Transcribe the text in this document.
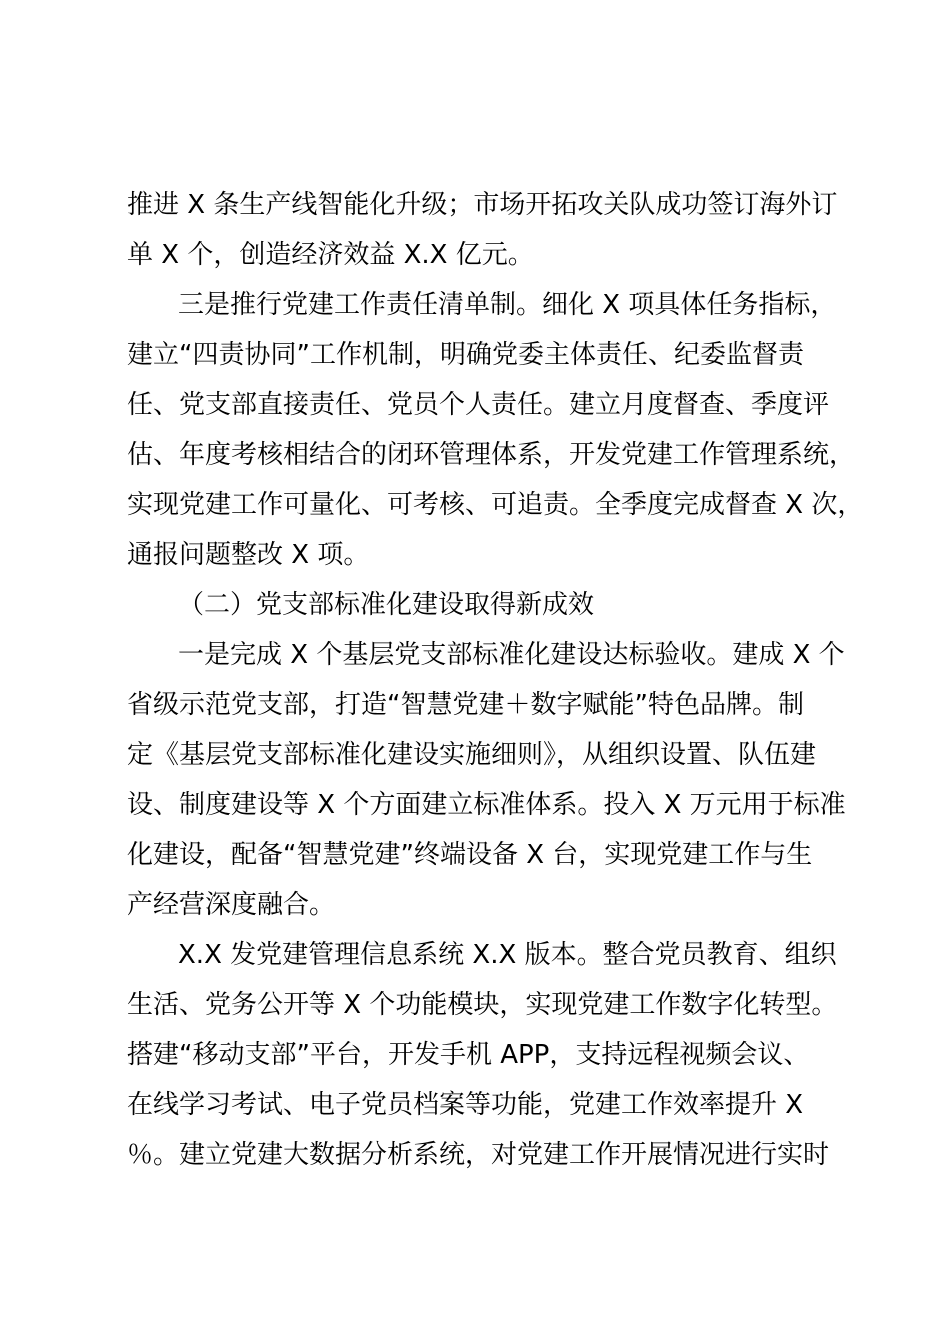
推进 X 条生产线智能化升级；市场开拓攻关队成功签订海外订
单 X 个，创造经济效益 X.X 亿元。
三是推行党建工作责任清单制。细化 X 项具体任务指标，
建立“四责协同”工作机制，明确党委主体责任、纪委监督责
任、党支部直接责任、党员个人责任。建立月度督查、季度评
估、年度考核相结合的闭环管理体系，开发党建工作管理系统，
实现党建工作可量化、可考核、可追责。全季度完成督查 X 次，
通报问题整改 X 项。
（二）党支部标准化建设取得新成效
一是完成 X 个基层党支部标准化建设达标验收。建成 X 个
省级示范党支部，打造“智慧党建＋数字赋能”特色品牌。制
定《基层党支部标准化建设实施细则》，从组织设置、队伍建
设、制度建设等 X 个方面建立标准体系。投入 X 万元用于标准
化建设，配备“智慧党建”终端设备 X 台，实现党建工作与生
产经营深度融合。
X.X 发党建管理信息系统 X.X 版本。整合党员教育、组织
生活、党务公开等 X 个功能模块，实现党建工作数字化转型。
搭建“移动支部”平台，开发手机 APP，支持远程视频会议、
在线学习考试、电子党员档案等功能，党建工作效率提升 X
％。建立党建大数据分析系统，对党建工作开展情况进行实时
